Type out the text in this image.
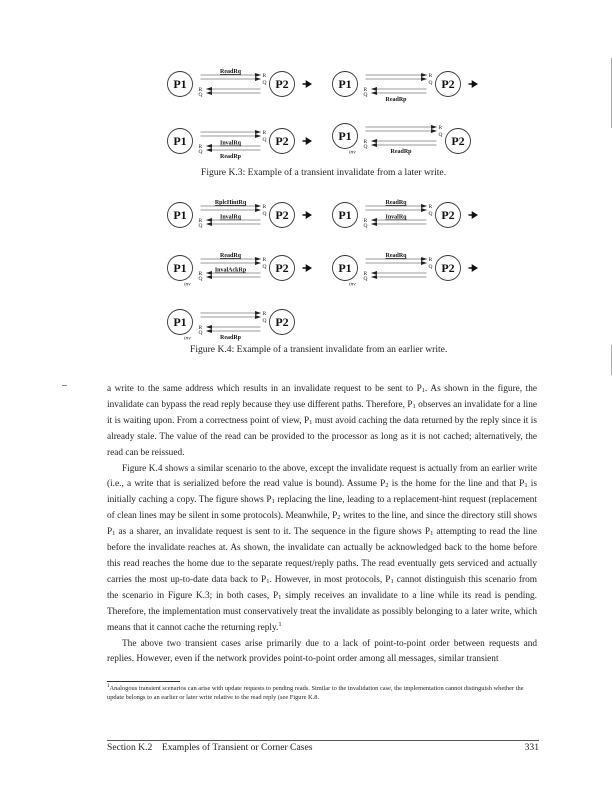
P1	P2
R
Q
R
Q
ReadRq
P1	P2
R
Q
R
Q
ReadRp
P1	P2
R
Q
R
Q
InvalRq
ReadRp
P1	P2
R
Q
R
Q
ReadRp
inv
P1	P2
R
Q
R
Q
RplcHintRq
InvalRq	P1	P2
R
Q
R
Q
ReadRq
InvalRq
P1	P2
R
Q
R
Q
ReadRq
InvalAckRp
inv
P1	P2
R
Q
R
Q
ReadRq
inv
P1	P2
R
Q
R
Q
ReadRp
inv
Figure K.3: Example of a transient invalidate from a later write.
Figure K.4: Example of a transient invalidate from an earlier write.

a write to the same address which results in an invalidate request to be sent to $P_1$. As shown in the figure, the invalidate can bypass the read reply because they use different paths. Therefore, $P_1$ observes an invalidate for a line it is waiting upon. From a correctness point of view, $P_1$ must avoid caching the data returned by the reply since it is already stale. The value of the read can be provided to the processor as long as it is not cached; alternatively, the read can be reissued.

Figure K.4 shows a similar scenario to the above, except the invalidate request is actually from an earlier write (i.e., a write that is serialized before the read value is bound). Assume $P_2$ is the home for the line and that $P_1$ is initially caching a copy. The figure shows $P_1$ replacing the line, leading to a replacement-hint request (replacement of clean lines may be silent in some protocols). Meanwhile, $P_2$ writes to the line, and since the directory still shows $P_1$ as a sharer, an invalidate request is sent to it. The sequence in the figure shows $P_1$ attempting to read the line before the invalidate reaches at. As shown, the invalidate can actually be acknowledged back to the home before this read reaches the home due to the separate request/reply paths. The read eventually gets serviced and actually carries the most up-to-date data back to $P_1$. However, in most protocols, $P_1$ cannot distinguish this scenario from the scenario in Figure K.3; in both cases, $P_1$ simply receives an invalidate to a line while its read is pending. Therefore, the implementation must conservatively treat the invalidate as possibly belonging to a later write, which means that it cannot cache the returning reply.$^1$

The above two transient cases arise primarily due to a lack of point-to-point order between requests and replies. However, even if the network provides point-to-point order among all messages, similar transient

$^1$Analogous transient scenarios can arise with update requests to pending reads. Similar to the invalidation case, the implementation cannot distinguish whether the update belongs to an earlier or later write relative to the read reply (see Figure K.8.
Section K.2    Examples of Transient or Corner Cases	331
